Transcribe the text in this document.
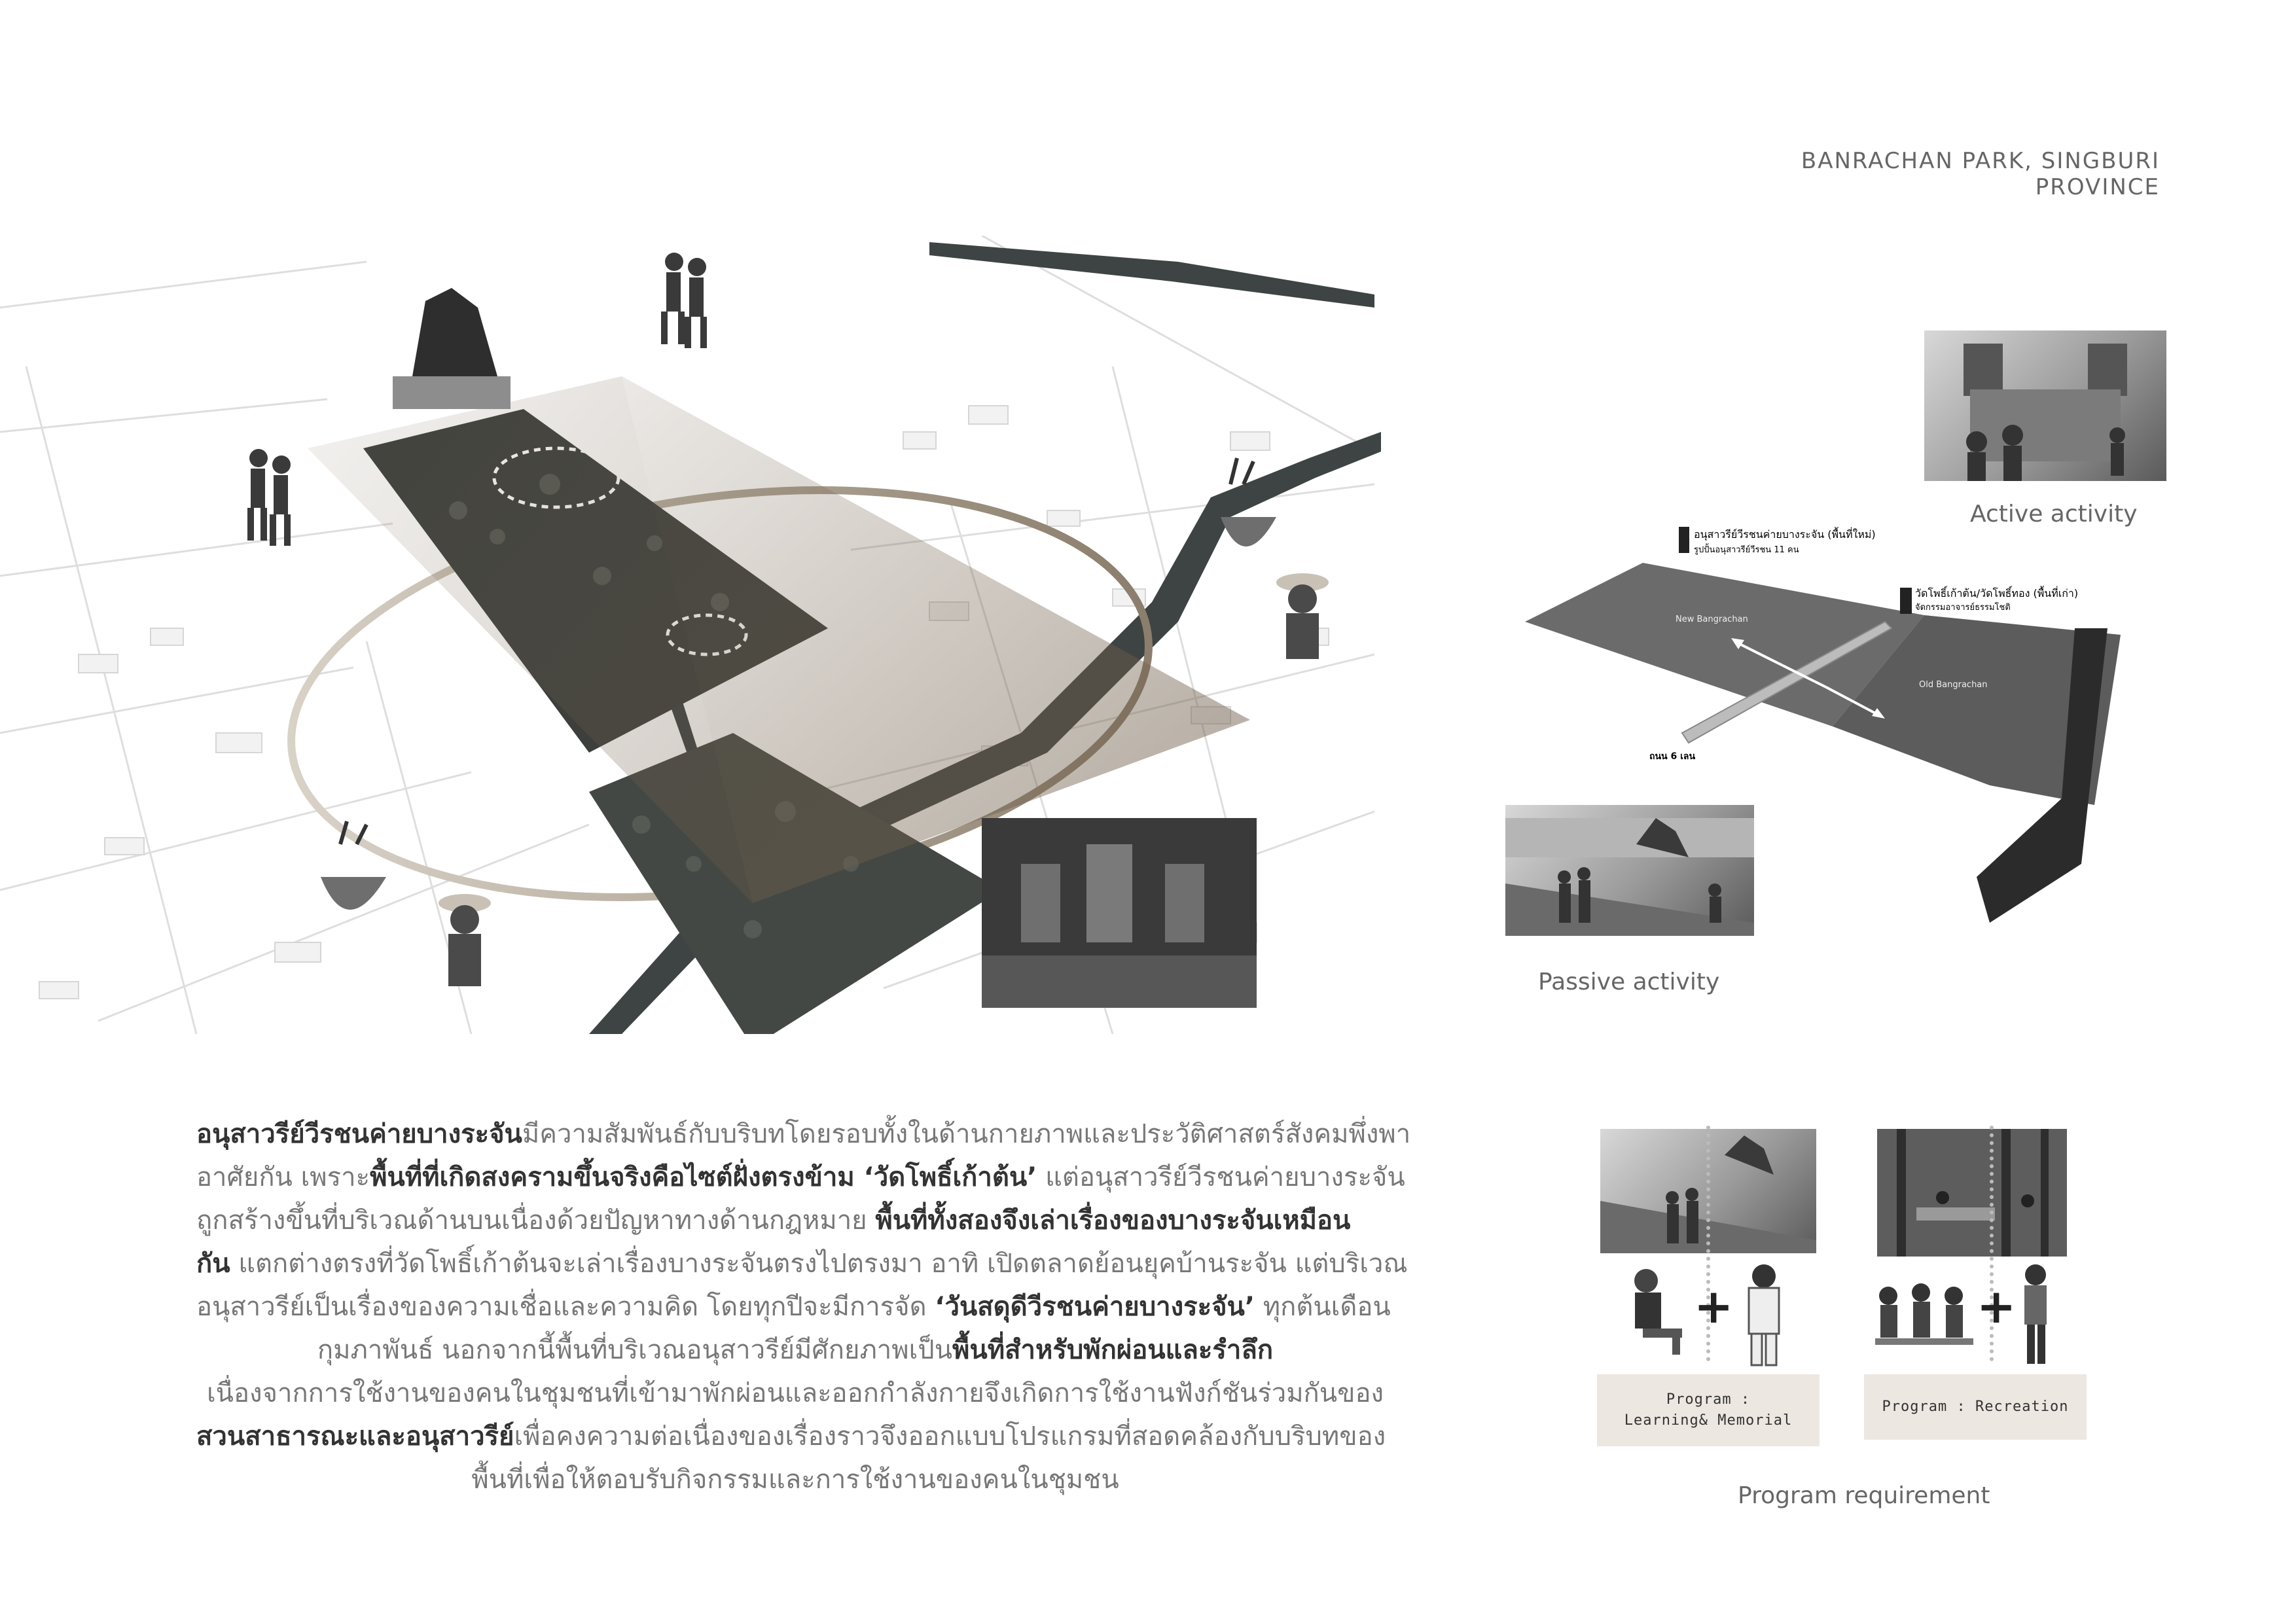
BANRACHAN PARK, SINGBURI PROVINCE
Active activity
อนุสาวรีย์วีรชนค่ายบางระจัน (พื้นที่ใหม่)
รูปปั้นอนุสาวรีย์วีรชน 11 คน
วัดโพธิ์เก้าต้น/วัดโพธิ์ทอง (พื้นที่เก่า)
จัดกรรมอาจารย์ธรรมโชติ
New Bangrachan
Old Bangrachan
ถนน 6 เลน
Passive activity
อนุสาวรีย์วีรชนค่ายบางระจันมีความสัมพันธ์กับบริบทโดยรอบทั้งในด้านกายภาพและประวัติศาสตร์สังคมพึ่งพา
อาศัยกัน เพราะพื้นที่ที่เกิดสงครามขึ้นจริงคือไซต์ฝั่งตรงข้าม ‘วัดโพธิ์เก้าต้น’ แต่อนุสาวรีย์วีรชนค่ายบางระจัน
ถูกสร้างขึ้นที่บริเวณด้านบนเนื่องด้วยปัญหาทางด้านกฎหมาย พื้นที่ทั้งสองจึงเล่าเรื่องของบางระจันเหมือน
กัน แตกต่างตรงที่วัดโพธิ์เก้าต้นจะเล่าเรื่องบางระจันตรงไปตรงมา อาทิ เปิดตลาดย้อนยุคบ้านระจัน แต่บริเวณ
อนุสาวรีย์เป็นเรื่องของความเชื่อและความคิด โดยทุกปีจะมีการจัด ‘วันสดุดีวีรชนค่ายบางระจัน’ ทุกต้นเดือน
กุมภาพันธ์ นอกจากนี้พื้นที่บริเวณอนุสาวรีย์มีศักยภาพเป็นพื้นที่สำหรับพักผ่อนและรำลึก
เนื่องจากการใช้งานของคนในชุมชนที่เข้ามาพักผ่อนและออกกำลังกายจึงเกิดการใช้งานฟังก์ชันร่วมกันของ
สวนสาธารณะและอนุสาวรีย์เพื่อคงความต่อเนื่องของเรื่องราวจึงออกแบบโปรแกรมที่สอดคล้องกับบริบทของ
พื้นที่เพื่อให้ตอบรับกิจกรรมและการใช้งานของคนในชุมชน
+
Program : Learning& Memorial
+
Program : Recreation
Program requirement
